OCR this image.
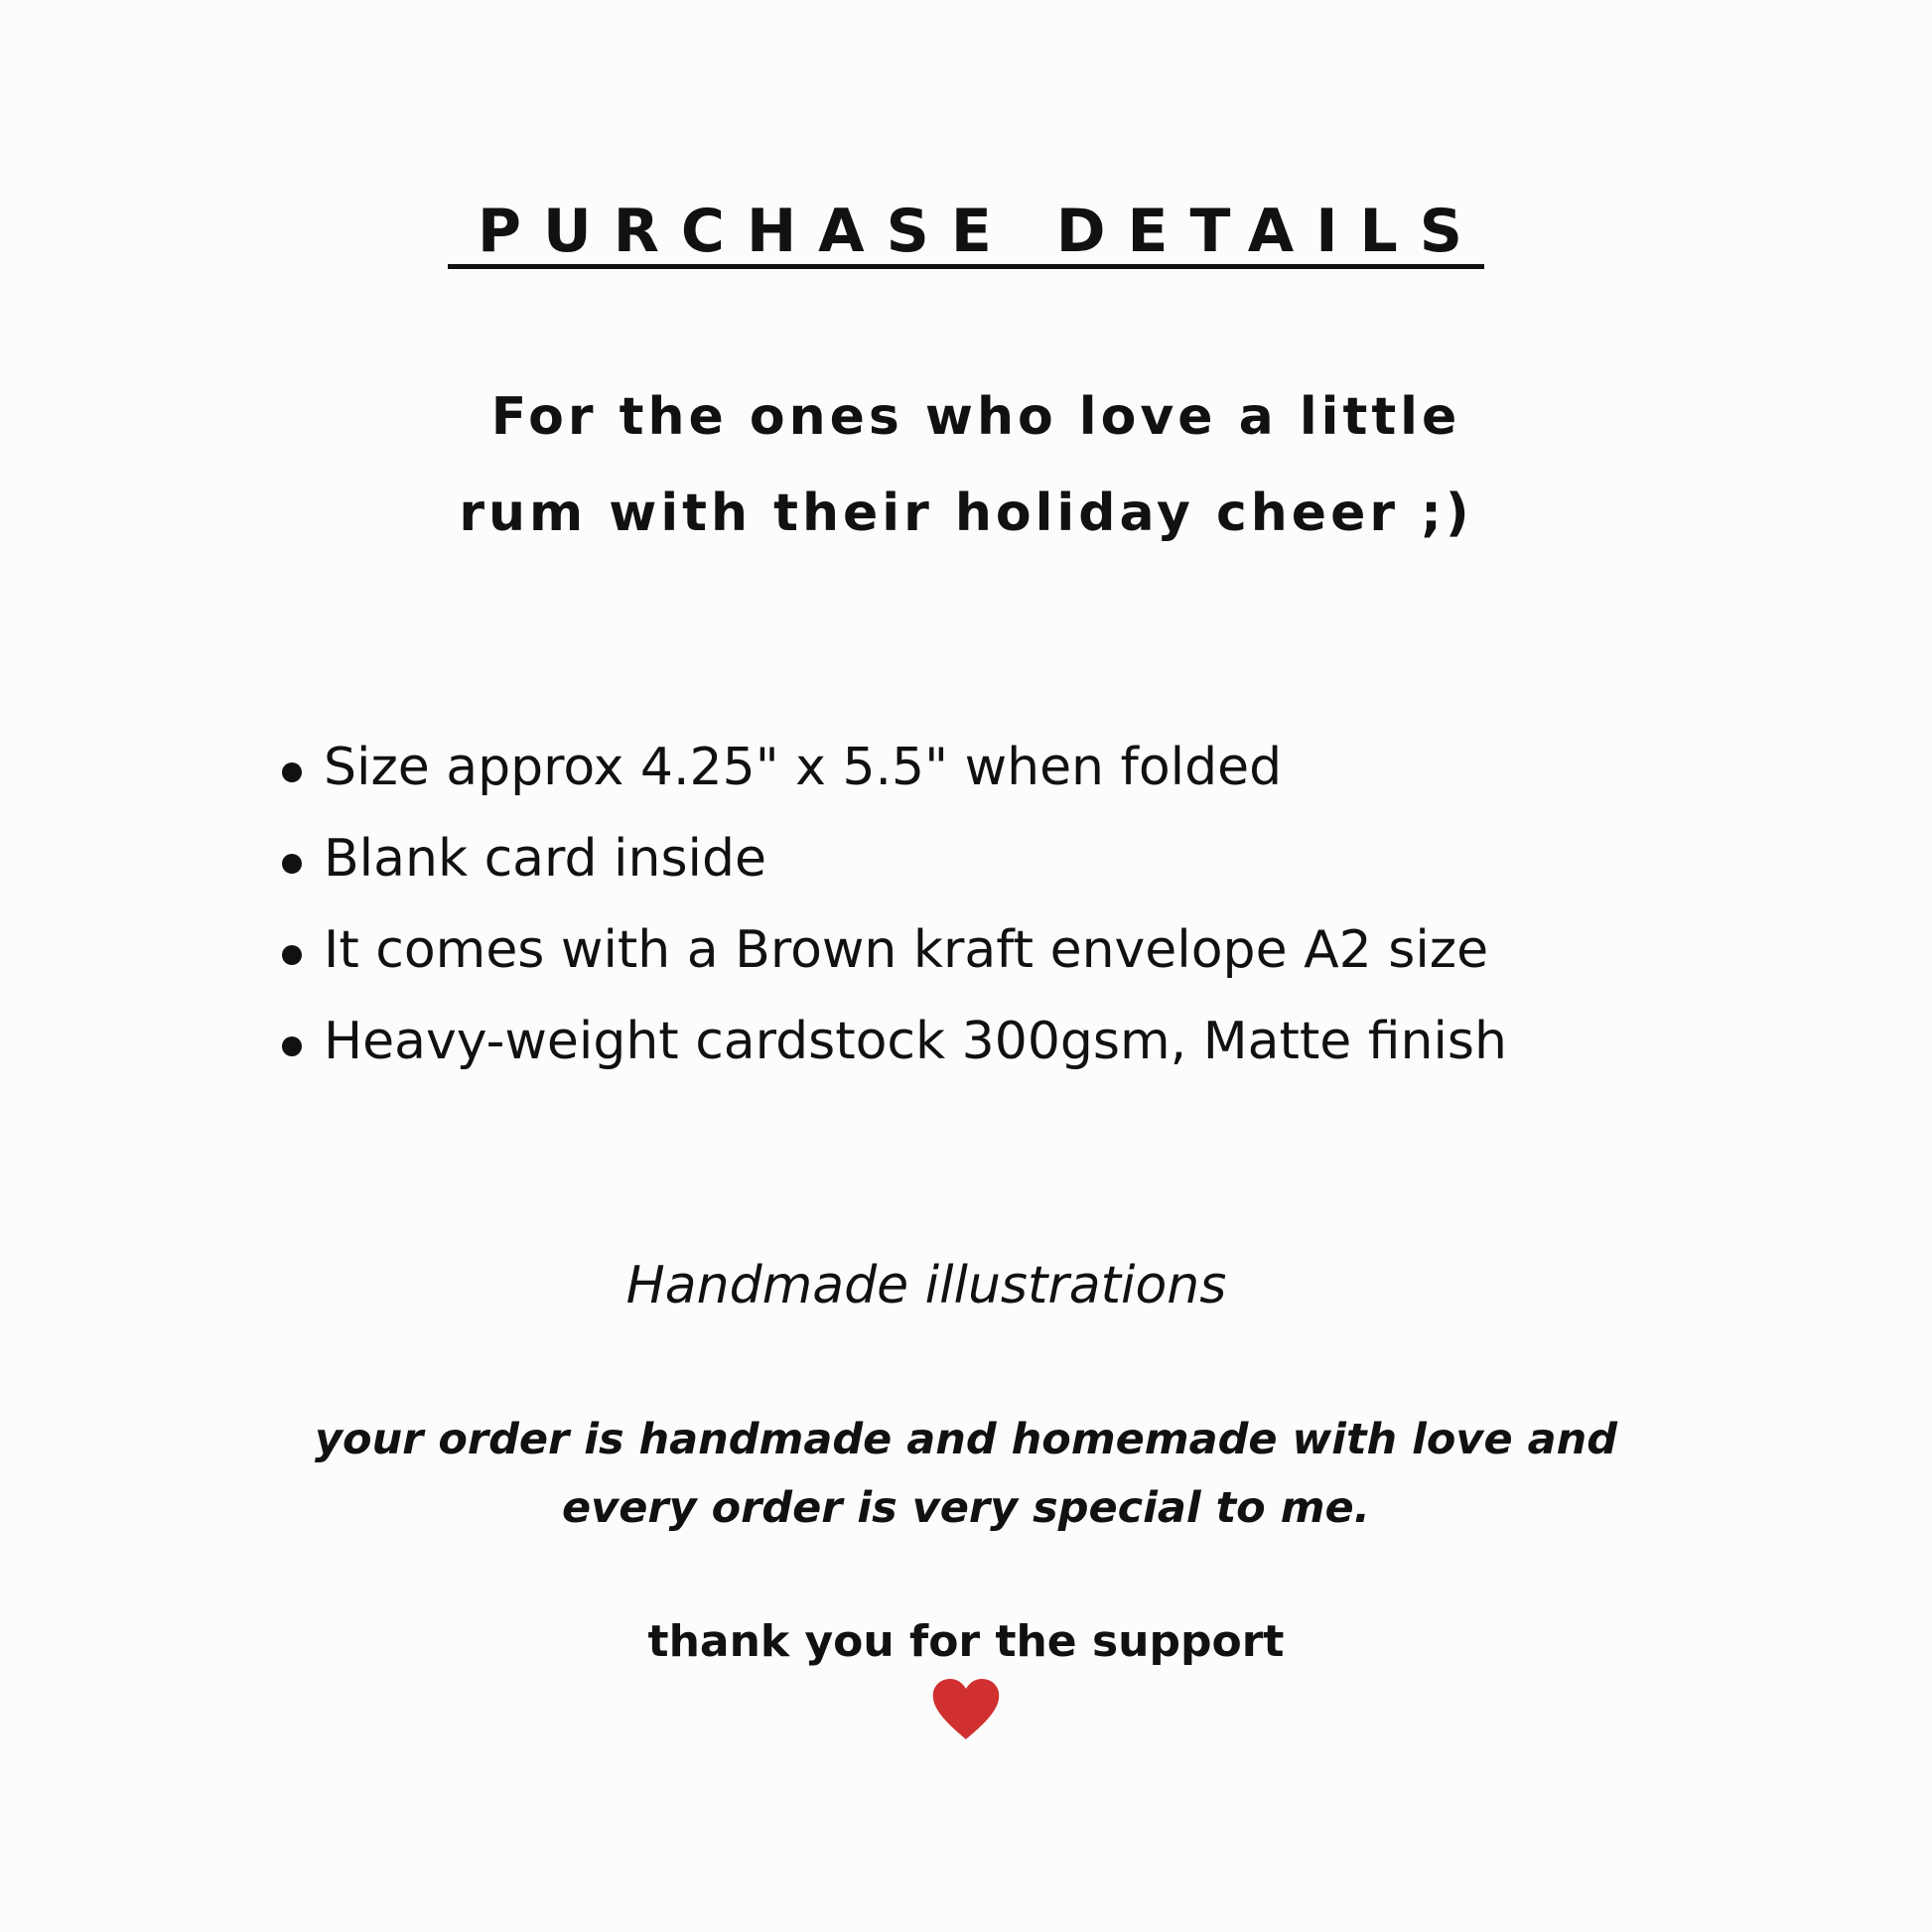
PURCHASE DETAILS
For the ones who love a little
rum with their holiday cheer ;)
Size approx 4.25" x 5.5" when folded
Blank card inside
It comes with a Brown kraft envelope A2 size
Heavy-weight cardstock 300gsm, Matte finish
Handmade illustrations
your order is handmade and homemade with love and
every order is very special to me.
thank you for the support
